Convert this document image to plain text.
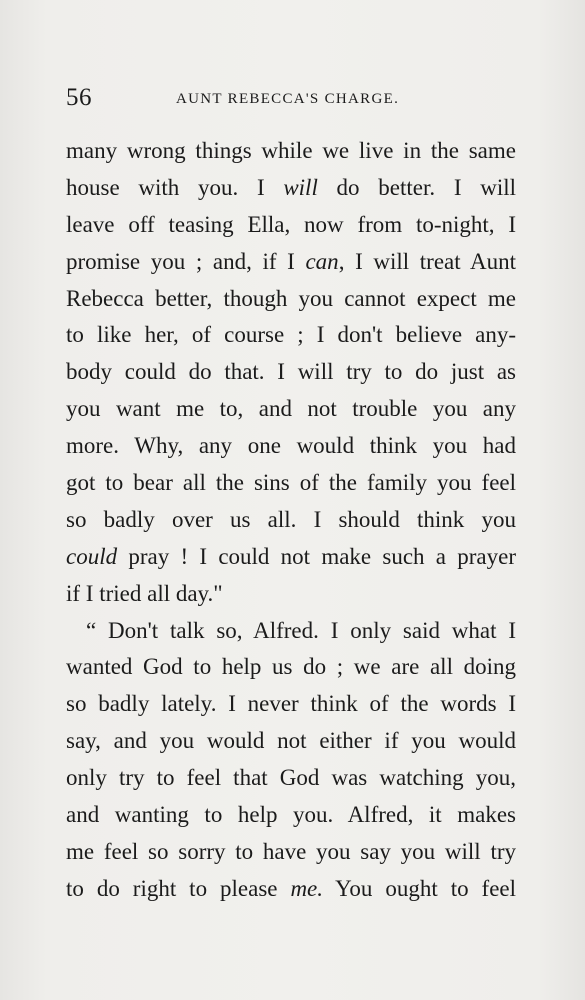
56	AUNT REBECCA'S CHARGE.
many wrong things while we live in the same
house with you. I will do better. I will
leave off teasing Ella, now from to-night, I
promise you ; and, if I can, I will treat Aunt
Rebecca better, though you cannot expect me
to like her, of course ; I don't believe any-
body could do that. I will try to do just as
you want me to, and not trouble you any
more. Why, any one would think you had
got to bear all the sins of the family you feel
so badly over us all. I should think you
could pray ! I could not make such a prayer
if I tried all day."
“ Don't talk so, Alfred. I only said what I
wanted God to help us do ; we are all doing
so badly lately. I never think of the words I
say, and you would not either if you would
only try to feel that God was watching you,
and wanting to help you. Alfred, it makes
me feel so sorry to have you say you will try
to do right to please me. You ought to feel
